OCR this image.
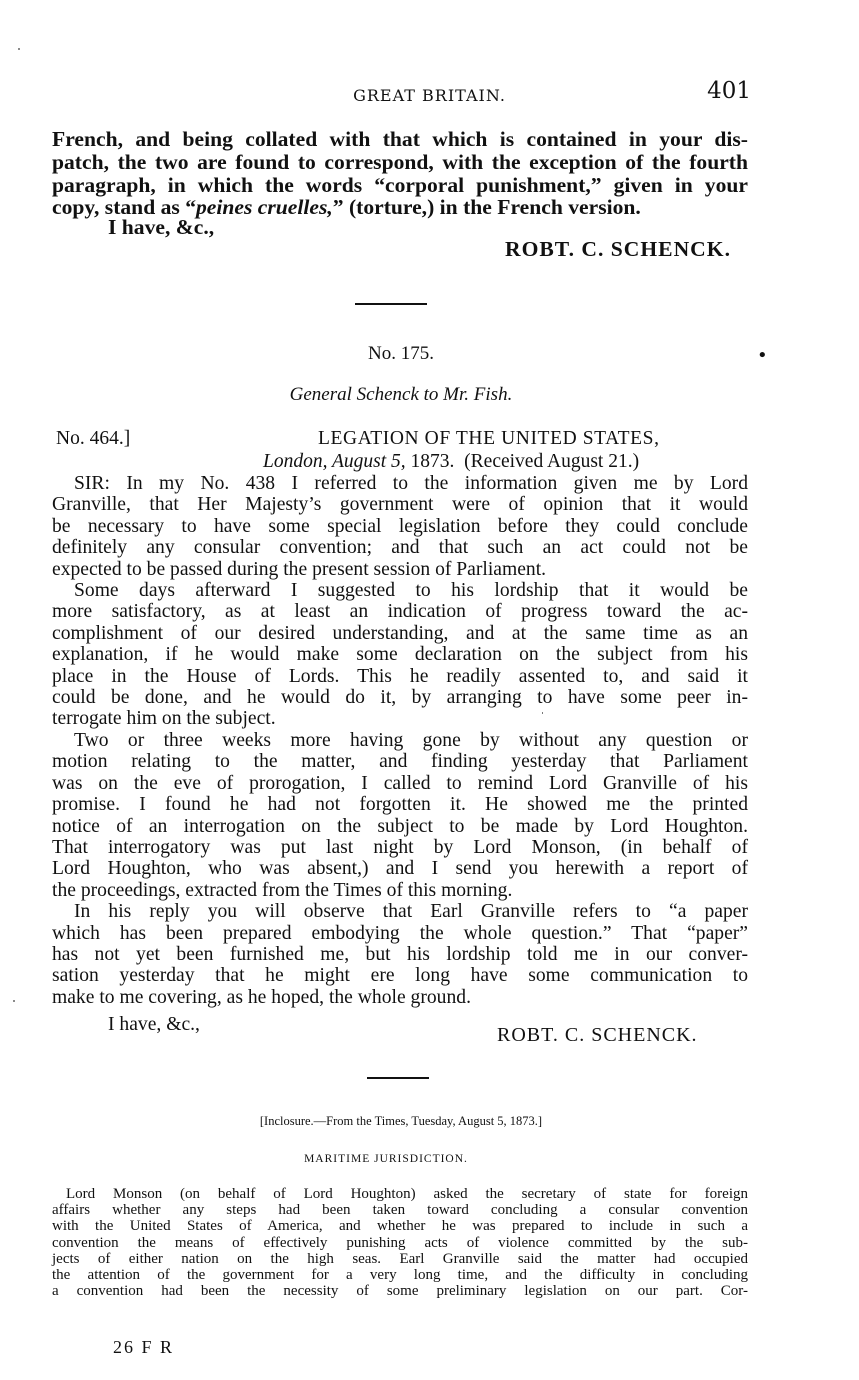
GREAT BRITAIN.	401
French, and being collated with that which is contained in your dis-
patch, the two are found to correspond, with the exception of the fourth
paragraph, in which the words “corporal punishment,” given in your
copy, stand as “peines cruelles,” (torture,) in the French version.
I have, &c.,
ROBT. C. SCHENCK.
No. 175.	•
General Schenck to Mr. Fish.
No. 464.]	LEGATION OF THE UNITED STATES,
London, August 5, 1873. (Received August 21.)
SIR: In my No. 438 I referred to the information given me by Lord
Granville, that Her Majesty’s government were of opinion that it would
be necessary to have some special legislation before they could conclude
definitely any consular convention; and that such an act could not be
expected to be passed during the present session of Parliament.
Some days afterward I suggested to his lordship that it would be
more satisfactory, as at least an indication of progress toward the ac-
complishment of our desired understanding, and at the same time as an
explanation, if he would make some declaration on the subject from his
place in the House of Lords. This he readily assented to, and said it
could be done, and he would do it, by arranging to have some peer in-
terrogate him on the subject.
Two or three weeks more having gone by without any question or
motion relating to the matter, and finding yesterday that Parliament
was on the eve of prorogation, I called to remind Lord Granville of his
promise. I found he had not forgotten it. He showed me the printed
notice of an interrogation on the subject to be made by Lord Houghton.
That interrogatory was put last night by Lord Monson, (in behalf of
Lord Houghton, who was absent,) and I send you herewith a report of
the proceedings, extracted from the Times of this morning.
In his reply you will observe that Earl Granville refers to “a paper
which has been prepared embodying the whole question.” That “paper”
has not yet been furnished me, but his lordship told me in our conver-
sation yesterday that he might ere long have some communication to
make to me covering, as he hoped, the whole ground.
I have, &c.,	ROBT. C. SCHENCK.
[Inclosure.—From the Times, Tuesday, August 5, 1873.]
MARITIME JURISDICTION.
Lord Monson (on behalf of Lord Houghton) asked the secretary of state for foreign
affairs whether any steps had been taken toward concluding a consular convention
with the United States of America, and whether he was prepared to include in such a
convention the means of effectively punishing acts of violence committed by the sub-
jects of either nation on the high seas. Earl Granville said the matter had occupied
the attention of the government for a very long time, and the difficulty in concluding
a convention had been the necessity of some preliminary legislation on our part. Cor-
26 F R
